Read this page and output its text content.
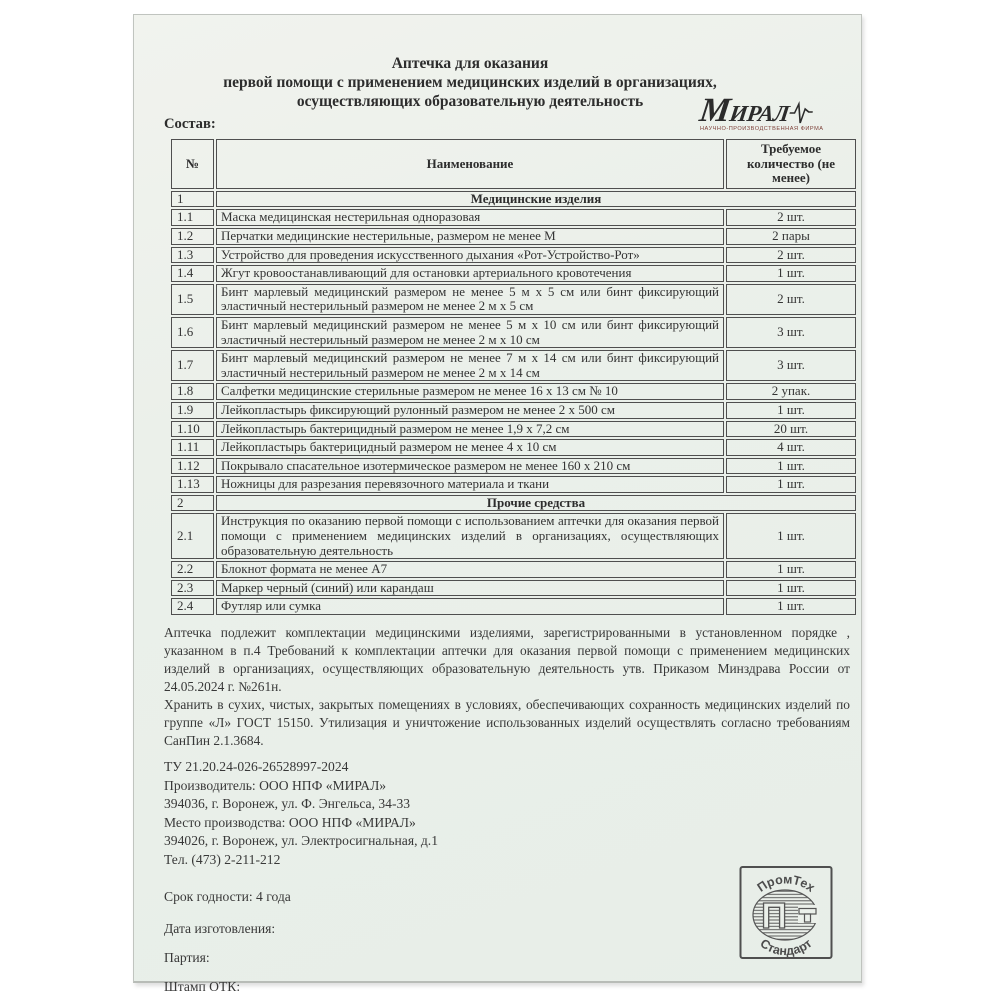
Аптечка для оказания
первой помощи с применением медицинских изделий в организациях,
осуществляющих образовательную деятельность	М
ИРАЛ
НАУЧНО-ПРОИЗВОДСТВЕННАЯ ФИРМА
Состав:
№	Наименование	Требуемое количество (не менее)
1	Медицинские изделия	
1.1	Маска медицинская нестерильная одноразовая	2 шт.
1.2	Перчатки медицинские нестерильные, размером не менее М	2 пары
1.3	Устройство для проведения искусственного дыхания «Рот-Устройство-Рот»	2 шт.
1.4	Жгут кровоостанавливающий для остановки артериального кровотечения	1 шт.
1.5	Бинт марлевый медицинский размером не менее 5 м х 5 см или бинт фиксирующий эластичный нестерильный размером не менее 2 м х 5 см	2 шт.
1.6	Бинт марлевый медицинский размером не менее 5 м х 10 см или бинт фиксирующий эластичный нестерильный размером не менее 2 м х 10 см	3 шт.
1.7	Бинт марлевый медицинский размером не менее 7 м х 14 см или бинт фиксирующий эластичный нестерильный размером не менее 2 м х 14 см	3 шт.
1.8	Салфетки медицинские стерильные размером не менее 16 х 13 см № 10	2 упак.
1.9	Лейкопластырь фиксирующий рулонный размером не менее 2 х 500 см	1 шт.
1.10	Лейкопластырь бактерицидный размером не менее 1,9 х 7,2 см	20 шт.
1.11	Лейкопластырь бактерицидный размером не менее 4 х 10 см	4 шт.
1.12	Покрывало спасательное изотермическое размером не менее 160 х 210 см	1 шт.
1.13	Ножницы для разрезания перевязочного материала и ткани	1 шт.
2	Прочие средства	
2.1	Инструкция по оказанию первой помощи с использованием аптечки для оказания первой помощи с применением медицинских изделий в организациях, осуществляющих образовательную деятельность	1 шт.
2.2	Блокнот формата не менее А7	1 шт.
2.3	Маркер черный (синий) или карандаш	1 шт.
2.4	Футляр или сумка	1 шт.

Аптечка подлежит комплектации медицинскими изделиями, зарегистрированными в установленном порядке , указанном в п.4 Требований к комплектации аптечки для оказания первой помощи с применением медицинских изделий в организациях, осуществляющих образовательную деятельность утв. Приказом Минздрава России от 24.05.2024 г. №261н.

Хранить в сухих, чистых, закрытых помещениях в условиях, обеспечивающих сохранность медицинских изделий по группе «Л» ГОСТ 15150. Утилизация и уничтожение использованных изделий осуществлять согласно требованиям СанПин 2.1.3684.

ТУ 21.20.24-026-26528997-2024
Производитель: ООО НПФ «МИРАЛ»
394036, г. Воронеж, ул. Ф. Энгельса, 34-33
Место производства: ООО НПФ «МИРАЛ»
394026, г. Воронеж, ул. Электросигнальная, д.1
Тел. (473) 2-211-212
Срок годности: 4 года
Дата изготовления:
Партия:
Штамп ОТК:
П
ПромТех
Стандарт
